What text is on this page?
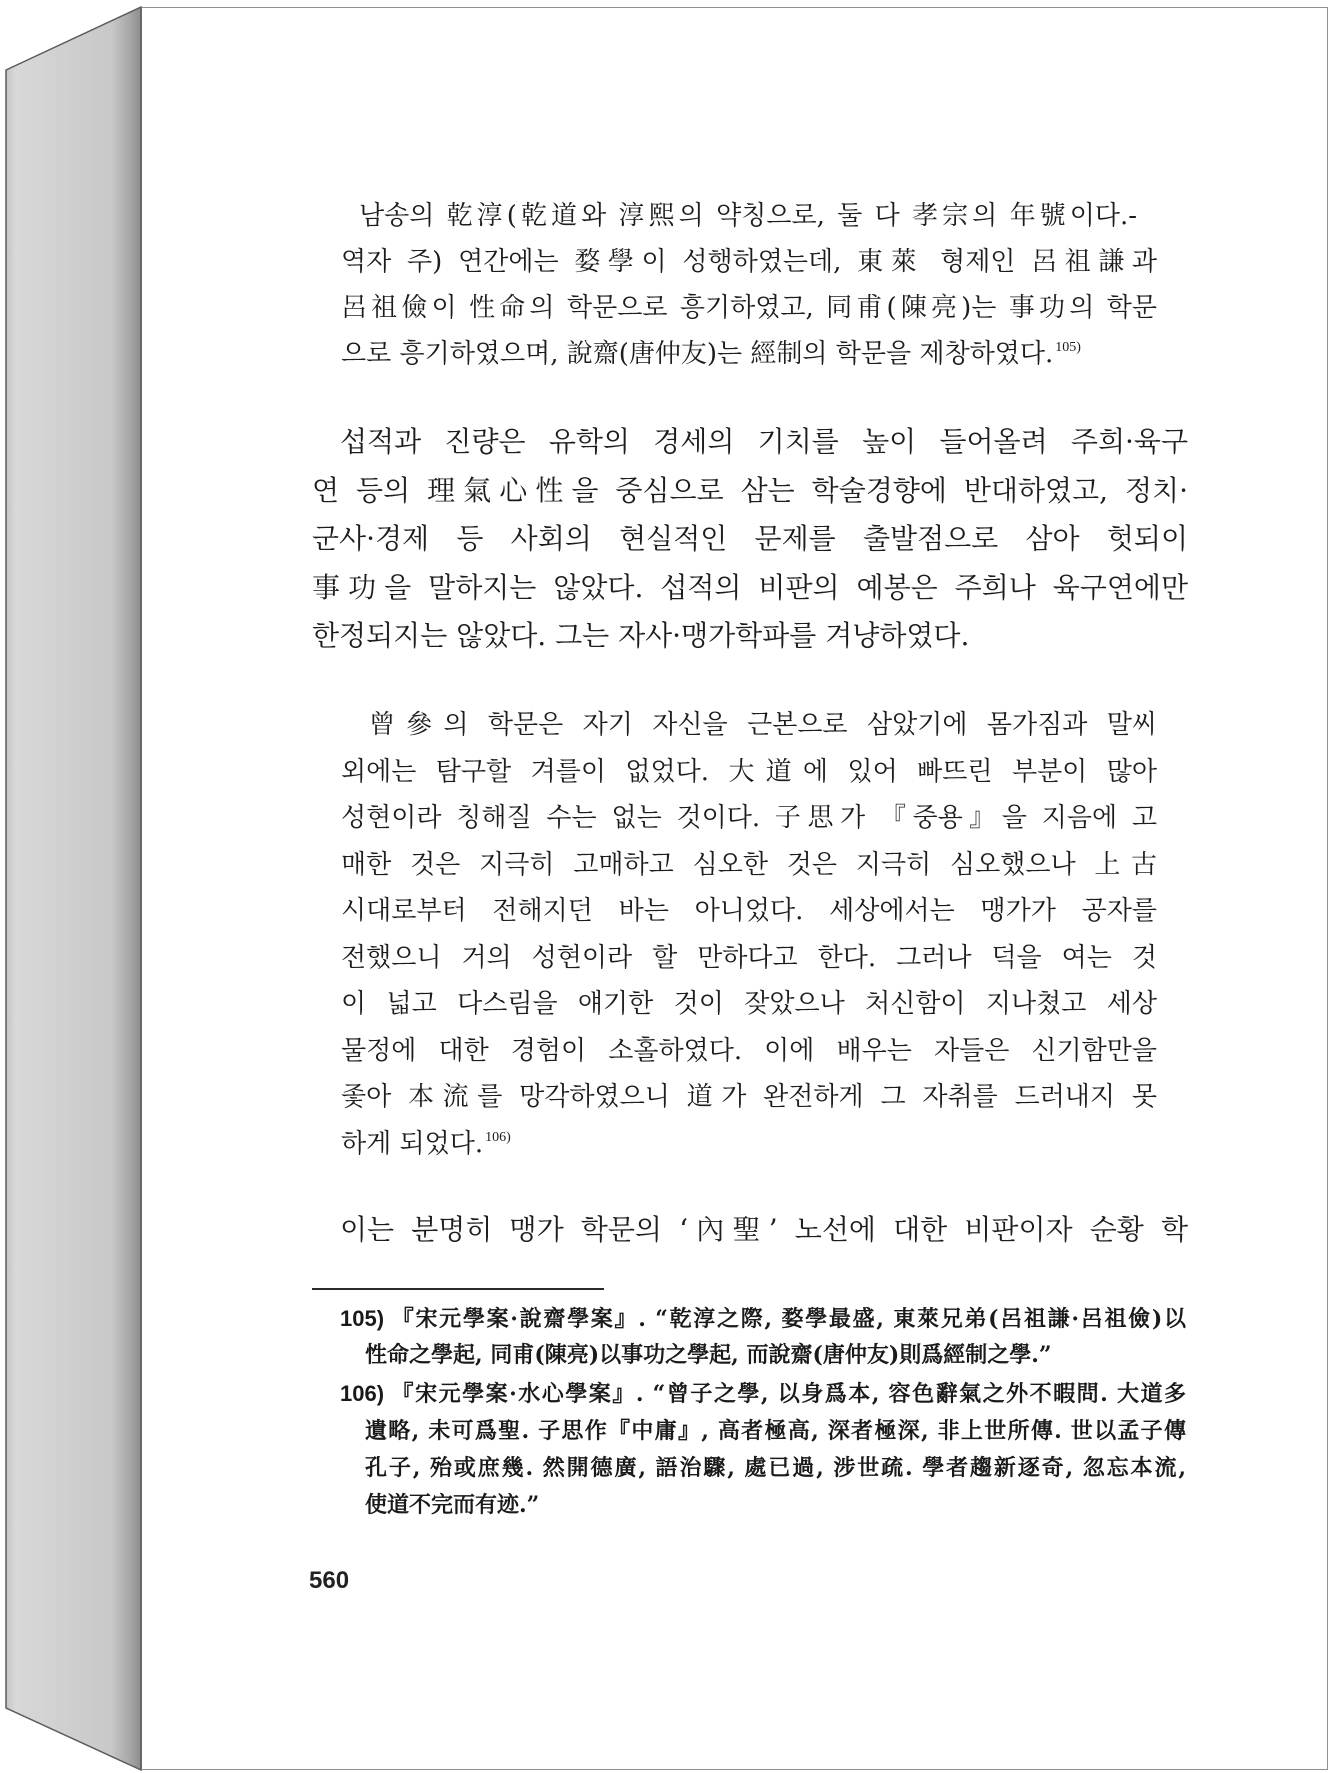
남송의 乾淳(乾道와 淳熙의 약칭으로, 둘 다 孝宗의 年號이다.-
역자 주) 연간에는 婺學이 성행하였는데, 東萊 형제인 呂祖謙과
呂祖儉이 性命의 학문으로 흥기하였고, 同甫(陳亮)는 事功의 학문
으로 흥기하였으며, 說齋(唐仲友)는 經制의 학문을 제창하였다. $^{105)}$
섭적과 진량은 유학의 경세의 기치를 높이 들어올려 주희·육구
연 등의 理氣心性을 중심으로 삼는 학술경향에 반대하였고, 정치·
군사·경제 등 사회의 현실적인 문제를 출발점으로 삼아 헛되이
事功을 말하지는 않았다. 섭적의 비판의 예봉은 주희나 육구연에만
한정되지는 않았다. 그는 자사·맹가학파를 겨냥하였다.
曾參의 학문은 자기 자신을 근본으로 삼았기에 몸가짐과 말씨
외에는 탐구할 겨를이 없었다. 大道에 있어 빠뜨린 부분이 많아
성현이라 칭해질 수는 없는 것이다. 子思가 『중용』을 지음에 고
매한 것은 지극히 고매하고 심오한 것은 지극히 심오했으나 上古
시대로부터 전해지던 바는 아니었다. 세상에서는 맹가가 공자를
전했으니 거의 성현이라 할 만하다고 한다. 그러나 덕을 여는 것
이 넓고 다스림을 얘기한 것이 잦았으나 처신함이 지나쳤고 세상
물정에 대한 경험이 소홀하였다. 이에 배우는 자들은 신기함만을
좇아 本流를 망각하였으니 道가 완전하게 그 자취를 드러내지 못
하게 되었다. $^{106)}$
이는 분명히 맹가 학문의 ‘內聖’ 노선에 대한 비판이자 순황 학
105) 『宋元學案·說齋學案』. “乾淳之際, 婺學最盛, 東萊兄弟(呂祖謙·呂祖儉)以
性命之學起, 同甫(陳亮)以事功之學起, 而說齋(唐仲友)則爲經制之學.”
106) 『宋元學案·水心學案』. “曾子之學, 以身爲本, 容色辭氣之外不暇問. 大道多
遺略, 未可爲聖. 子思作『中庸』, 高者極高, 深者極深, 非上世所傳. 世以孟子傳
孔子, 殆或庶幾. 然開德廣, 語治驟, 處已過, 涉世疏. 學者趨新逐奇, 忽忘本流,
使道不完而有迹.”
560
